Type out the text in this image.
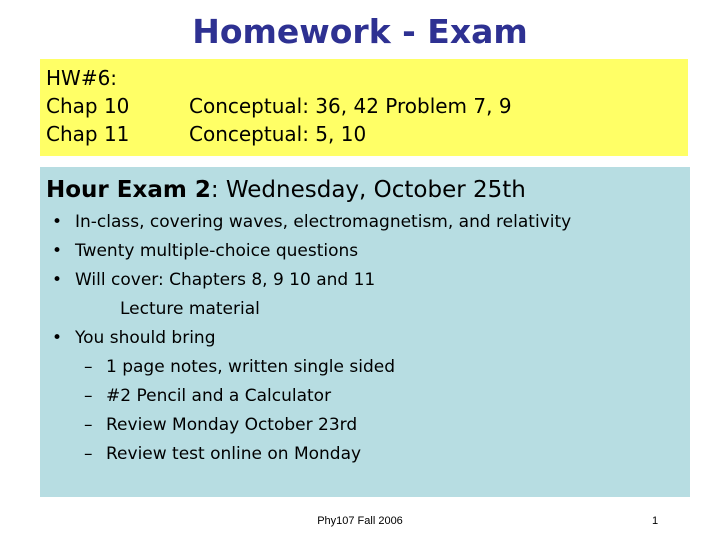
Homework - Exam
HW#6:
Chap 10	Conceptual: 36, 42 Problem 7, 9
Chap 11	Conceptual: 5, 10
Hour Exam 2: Wednesday, October 25th
• In-class, covering waves, electromagnetism, and relativity
• Twenty multiple-choice questions
• Will cover: Chapters 8, 9 10 and 11
Lecture material
• You should bring
– 1 page notes, written single sided
– #2 Pencil and a Calculator
– Review Monday October 23rd
– Review test online on Monday
Phy107 Fall 2006	1
